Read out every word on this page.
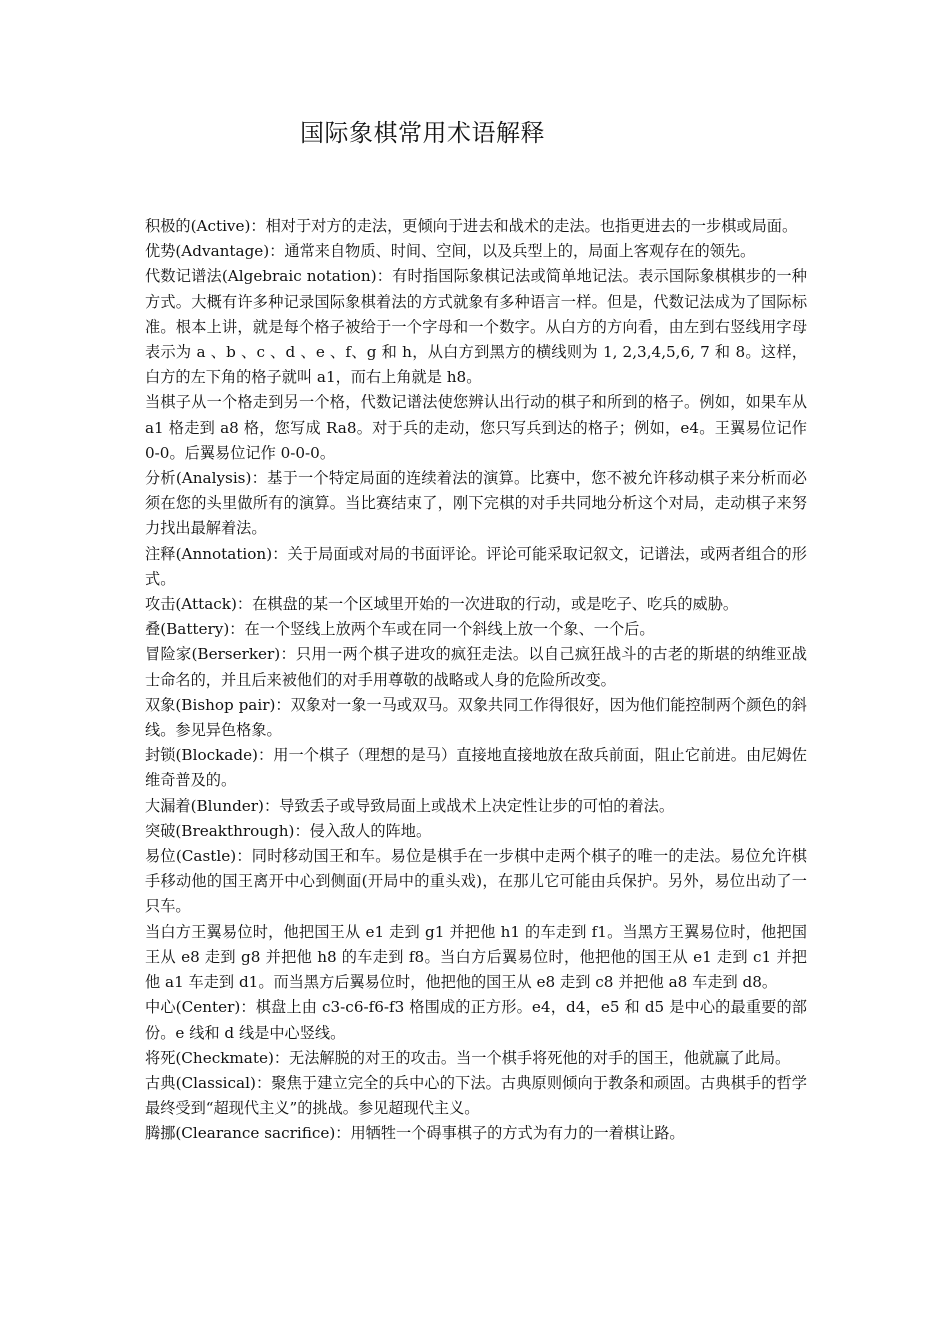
国际象棋常用术语解释

积极的(Active)：相对于对方的走法，更倾向于进去和战术的走法。也指更进去的一步棋或局面。

优势(Advantage)：通常来自物质、时间、空间，以及兵型上的，局面上客观存在的领先。

代数记谱法(Algebraic notation)：有时指国际象棋记法或简单地记法。表示国际象棋棋步的一种方式。大概有许多种记录国际象棋着法的方式就象有多种语言一样。但是，代数记法成为了国际标准。根本上讲，就是每个格子被给于一个字母和一个数字。从白方的方向看，由左到右竖线用字母表示为 a 、b 、c 、d 、e 、f、g 和 h，从白方到黑方的横线则为 1, 2,3,4,5,6, 7 和 8。这样，白方的左下角的格子就叫 a1，而右上角就是 h8。

当棋子从一个格走到另一个格，代数记谱法使您辨认出行动的棋子和所到的格子。例如，如果车从 a1 格走到 a8 格，您写成 Ra8。对于兵的走动，您只写兵到达的格子；例如，e4。王翼易位记作 0-0。后翼易位记作 0-0-0。

分析(Analysis)：基于一个特定局面的连续着法的演算。比赛中，您不被允许移动棋子来分析而必须在您的头里做所有的演算。当比赛结束了，刚下完棋的对手共同地分析这个对局，走动棋子来努力找出最解着法。

注释(Annotation)：关于局面或对局的书面评论。评论可能采取记叙文，记谱法，或两者组合的形式。

攻击(Attack)：在棋盘的某一个区域里开始的一次进取的行动，或是吃子、吃兵的威胁。

叠(Battery)：在一个竖线上放两个车或在同一个斜线上放一个象、一个后。

冒险家(Berserker)：只用一两个棋子进攻的疯狂走法。以自己疯狂战斗的古老的斯堪的纳维亚战士命名的，并且后来被他们的对手用尊敬的战略或人身的危险所改变。

双象(Bishop pair)：双象对一象一马或双马。双象共同工作得很好，因为他们能控制两个颜色的斜线。参见异色格象。

封锁(Blockade)：用一个棋子（理想的是马）直接地直接地放在敌兵前面，阻止它前进。由尼姆佐维奇普及的。

大漏着(Blunder)：导致丢子或导致局面上或战术上决定性让步的可怕的着法。

突破(Breakthrough)：侵入敌人的阵地。

易位(Castle)：同时移动国王和车。易位是棋手在一步棋中走两个棋子的唯一的走法。易位允许棋手移动他的国王离开中心到侧面(开局中的重头戏)，在那儿它可能由兵保护。另外，易位出动了一只车。

当白方王翼易位时，他把国王从 e1 走到 g1 并把他 h1 的车走到 f1。当黑方王翼易位时，他把国王从 e8 走到 g8 并把他 h8 的车走到 f8。当白方后翼易位时，他把他的国王从 e1 走到 c1 并把他 a1 车走到 d1。而当黑方后翼易位时，他把他的国王从 e8 走到 c8 并把他 a8 车走到 d8。

中心(Center)：棋盘上由 c3-c6-f6-f3 格围成的正方形。e4，d4，e5 和 d5 是中心的最重要的部份。e 线和 d 线是中心竖线。

将死(Checkmate)：无法解脱的对王的攻击。当一个棋手将死他的对手的国王，他就赢了此局。

古典(Classical)：聚焦于建立完全的兵中心的下法。古典原则倾向于教条和顽固。古典棋手的哲学最终受到“超现代主义”的挑战。参见超现代主义。

腾挪(Clearance sacrifice)：用牺牲一个碍事棋子的方式为有力的一着棋让路。
